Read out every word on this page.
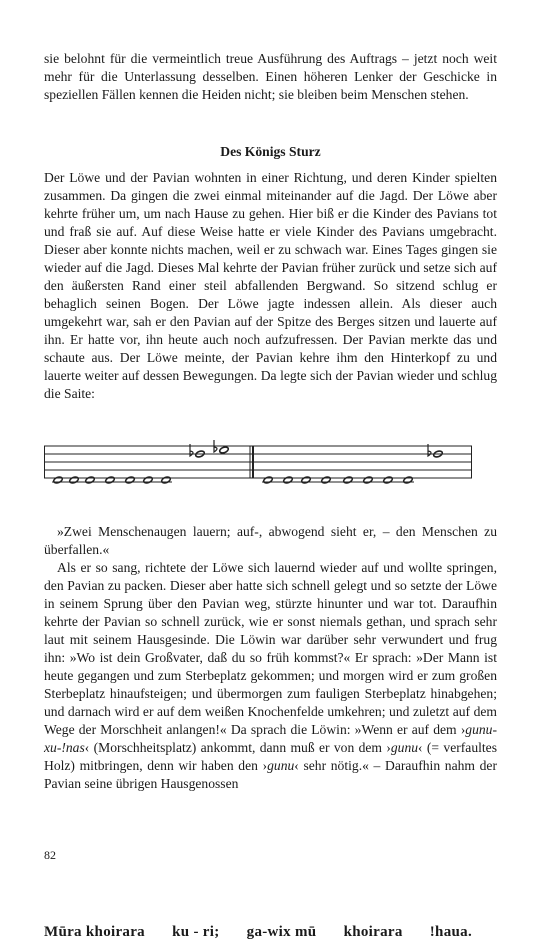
sie belohnt für die vermeintlich treue Ausführung des Auftrags – jetzt noch weit mehr für die Unterlassung desselben. Einen höheren Lenker der Geschicke in speziellen Fällen kennen die Heiden nicht; sie bleiben beim Menschen stehen.

Des Königs Sturz

Der Löwe und der Pavian wohnten in einer Richtung, und deren Kinder spielten zusammen. Da gingen die zwei einmal miteinander auf die Jagd. Der Löwe aber kehrte früher um, um nach Hause zu gehen. Hier biß er die Kinder des Pavians tot und fraß sie auf. Auf diese Weise hatte er viele Kinder des Pavians umgebracht. Dieser aber konnte nichts machen, weil er zu schwach war. Eines Tages gingen sie wieder auf die Jagd. Dieses Mal kehrte der Pavian früher zurück und setze sich auf den äußersten Rand einer steil abfallenden Bergwand. So sitzend schlug er behaglich seinen Bogen. Der Löwe jagte indessen allein. Als dieser auch umgekehrt war, sah er den Pavian auf der Spitze des Berges sitzen und lauerte auf ihn. Er hatte vor, ihn heute auch noch aufzufressen. Der Pavian merkte das und schaute aus. Der Löwe meinte, der Pavian kehre ihm den Hinterkopf zu und lauerte weiter auf dessen Bewegungen. Da legte sich der Pavian wieder und schlug die Saite:

Mūra khoirara ku - ri; ga-wix mū khoirara !haua.

»Zwei Menschenaugen lauern; auf-, abwogend sieht er, – den Menschen zu überfallen.«

Als er so sang, richtete der Löwe sich lauernd wieder auf und wollte springen, den Pavian zu packen. Dieser aber hatte sich schnell gelegt und so setzte der Löwe in seinem Sprung über den Pavian weg, stürzte hinunter und war tot. Daraufhin kehrte der Pavian so schnell zurück, wie er sonst niemals gethan, und sprach sehr laut mit seinem Hausgesinde. Die Löwin war darüber sehr verwundert und frug ihn: »Wo ist dein Großvater, daß du so früh kommst?« Er sprach: »Der Mann ist heute gegangen und zum Sterbeplatz gekommen; und morgen wird er zum großen Sterbeplatz hinaufsteigen; und übermorgen zum fauligen Sterbeplatz hinabgehen; und darnach wird er auf dem weißen Knochenfelde umkehren; und zuletzt auf dem Wege der Morschheit anlangen!« Da sprach die Löwin: »Wenn er auf dem ›gunu-xu-!nas‹ (Morschheitsplatz) ankommt, dann muß er von dem ›gunu‹ (= verfaultes Holz) mitbringen, denn wir haben den ›gunu‹ sehr nötig.« – Daraufhin nahm der Pavian seine übrigen Hausgenossen

82
